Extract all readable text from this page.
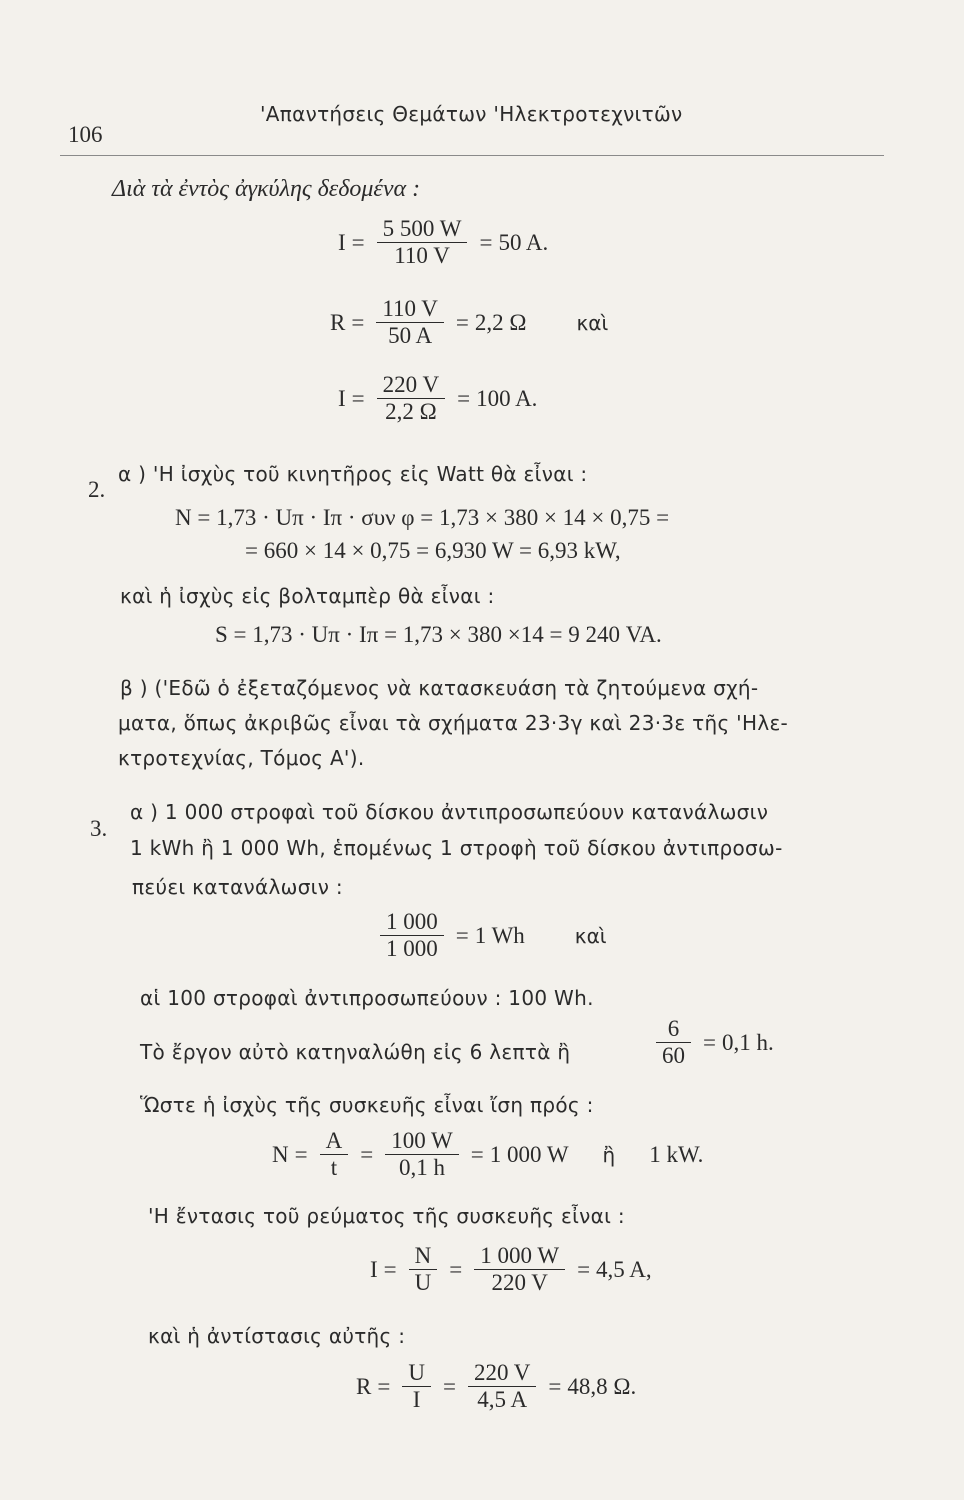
106
'Απαντήσεις Θεμάτων 'Ηλεκτροτεχνιτῶν
Διὰ τὰ ἐντὸς ἀγκύλης δεδομένα :
$I = \frac{5 500 W}{110 V} = 50$ A.
$R = \frac{110 V}{50 A} = 2,2$ Ω	καὶ
$I = \frac{220 V}{2,2 \Omega} = 100$ A.
2.
α ) 'Η ἰσχὺς τοῦ κινητῆρος εἰς Watt θὰ εἶναι :
N = 1,73 · Uπ · Iπ · συν φ = 1,73 × 380 × 14 × 0,75 =
= 660 × 14 × 0,75 = 6,930 W = 6,93 kW,
καὶ ἡ ἰσχὺς εἰς βολταμπὲρ θὰ εἶναι :
S = 1,73 · Uπ · Iπ = 1,73 × 380 ×14 = 9 240 VA.
β ) ('Εδῶ ὁ ἐξεταζόμενος νὰ κατασκευάση τὰ ζητούμενα σχή-
ματα, ὅπως ἀκριβῶς εἶναι τὰ σχήματα 23·3γ καὶ 23·3ε τῆς 'Ηλε-
κτροτεχνίας, Τόμος Α').
3.
α ) 1 000 στροφαὶ τοῦ δίσκου ἀντιπροσωπεύουν κατανάλωσιν
1 kWh ἢ 1 000 Wh, ἑπομένως 1 στροφὴ τοῦ δίσκου ἀντιπροσω-
πεύει κατανάλωσιν :
$\frac{1 000}{1 000} = 1$ Wh	καὶ
αἱ 100 στροφαὶ ἀντιπροσωπεύουν : 100 Wh.
Τὸ ἔργον αὐτὸ κατηναλώθη εἰς 6 λεπτὰ ἢ	$\frac{6}{60} = 0,1$ h.
Ὥστε ἡ ἰσχὺς τῆς συσκευῆς εἶναι ἴση πρός :
$N = \frac{A}{t} = \frac{100 W}{0,1 h} = 1$ 000 W ἢ 1 kW.
'Η ἔντασις τοῦ ρεύματος τῆς συσκευῆς εἶναι :
$I = \frac{N}{U} = \frac{1 000 W}{220 V} = 4,5$ A,
καὶ ἡ ἀντίστασις αὐτῆς :
$R = \frac{U}{I} = \frac{220 V}{4,5 A} = 48,8$ Ω.
